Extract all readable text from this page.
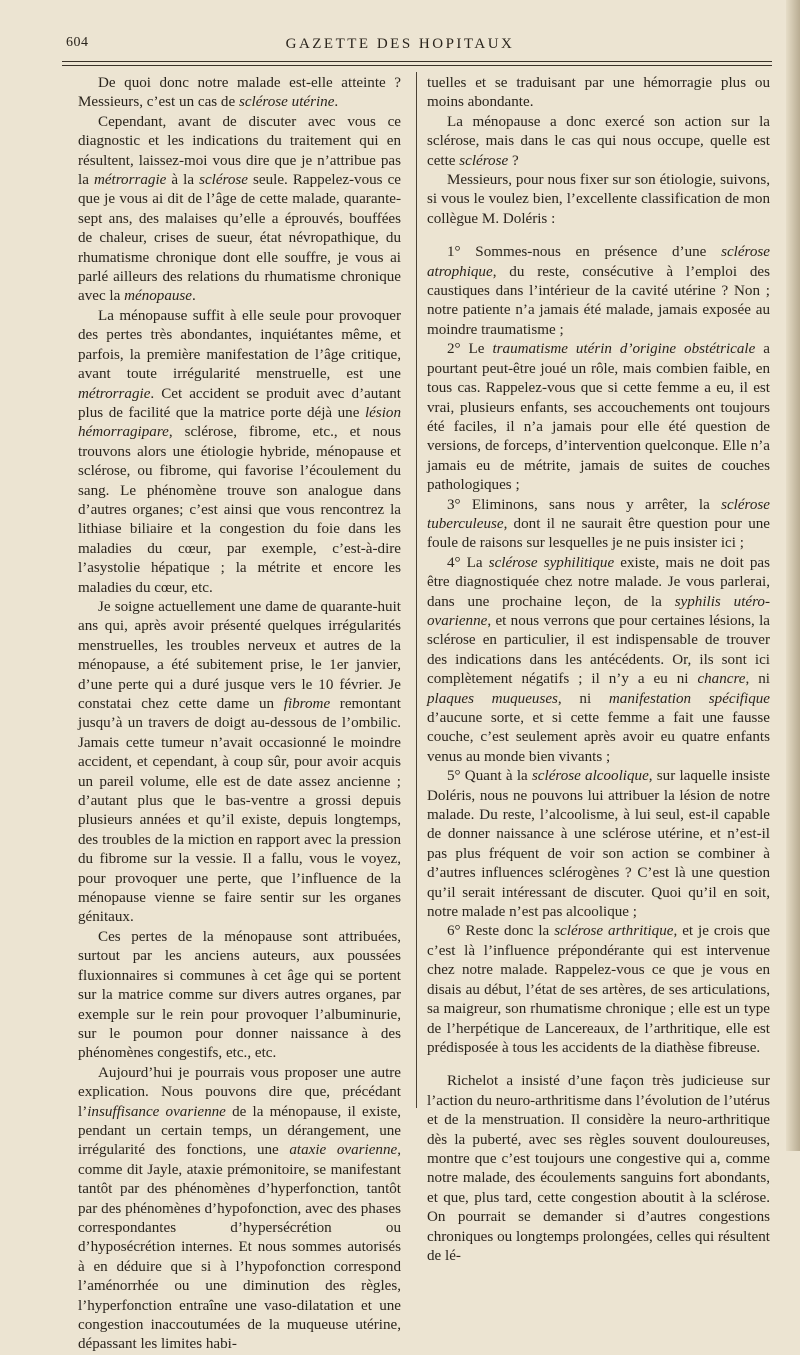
604	GAZETTE DES HOPITAUX

De quoi donc notre malade est-elle atteinte ? Messieurs, c’est un cas de sclérose utérine.

Cependant, avant de discuter avec vous ce diagnostic et les indications du traitement qui en résultent, laissez-moi vous dire que je n’attribue pas la métrorragie à la sclérose seule. Rappelez-vous ce que je vous ai dit de l’âge de cette malade, quarante-sept ans, des malaises qu’elle a éprouvés, bouffées de chaleur, crises de sueur, état névropathique, du rhumatisme chronique dont elle souffre, je vous ai parlé ailleurs des relations du rhumatisme chronique avec la ménopause.

La ménopause suffit à elle seule pour provoquer des pertes très abondantes, inquiétantes même, et parfois, la première manifestation de l’âge critique, avant toute irrégularité menstruelle, est une métrorragie. Cet accident se produit avec d’autant plus de facilité que la matrice porte déjà une lésion hémorragipare, sclérose, fibrome, etc., et nous trouvons alors une étiologie hybride, ménopause et sclérose, ou fibrome, qui favorise l’écoulement du sang. Le phénomène trouve son analogue dans d’autres organes; c’est ainsi que vous rencontrez la lithiase biliaire et la congestion du foie dans les maladies du cœur, par exemple, c’est-à-dire l’asystolie hépatique ; la métrite et encore les maladies du cœur, etc.

Je soigne actuellement une dame de quarante-huit ans qui, après avoir présenté quelques irrégularités menstruelles, les troubles nerveux et autres de la ménopause, a été subitement prise, le 1er janvier, d’une perte qui a duré jusque vers le 10 février. Je constatai chez cette dame un fibrome remontant jusqu’à un travers de doigt au-dessous de l’ombilic. Jamais cette tumeur n’avait occasionné le moindre accident, et cependant, à coup sûr, pour avoir acquis un pareil volume, elle est de date assez ancienne ; d’autant plus que le bas-ventre a grossi depuis plusieurs années et qu’il existe, depuis longtemps, des troubles de la miction en rapport avec la pression du fibrome sur la vessie. Il a fallu, vous le voyez, pour provoquer une perte, que l’influence de la ménopause vienne se faire sentir sur les organes génitaux.

Ces pertes de la ménopause sont attribuées, surtout par les anciens auteurs, aux poussées fluxionnaires si communes à cet âge qui se portent sur la matrice comme sur divers autres organes, par exemple sur le rein pour provoquer l’albuminurie, sur le poumon pour donner naissance à des phénomènes congestifs, etc., etc.

Aujourd’hui je pourrais vous proposer une autre explication. Nous pouvons dire que, précédant l’insuffisance ovarienne de la ménopause, il existe, pendant un certain temps, un dérangement, une irrégularité des fonctions, une ataxie ovarienne, comme dit Jayle, ataxie prémonitoire, se manifestant tantôt par des phénomènes d’hyperfonction, tantôt par des phénomènes d’hypofonction, avec des phases correspondantes d’hypersécrétion ou d’hyposécrétion internes. Et nous sommes autorisés à en déduire que si à l’hypofonction correspond l’aménorrhée ou une diminution des règles, l’hyperfonction entraîne une vaso-dilatation et une congestion inaccoutumées de la muqueuse utérine, dépassant les limites habi-

tuelles et se traduisant par une hémorragie plus ou moins abondante.

La ménopause a donc exercé son action sur la sclérose, mais dans le cas qui nous occupe, quelle est cette sclérose ?

Messieurs, pour nous fixer sur son étiologie, suivons, si vous le voulez bien, l’excellente classification de mon collègue M. Doléris :

1° Sommes-nous en présence d’une sclérose atrophique, du reste, consécutive à l’emploi des caustiques dans l’intérieur de la cavité utérine ? Non ; notre patiente n’a jamais été malade, jamais exposée au moindre traumatisme ;

2° Le traumatisme utérin d’origine obstétricale a pourtant peut-être joué un rôle, mais combien faible, en tous cas. Rappelez-vous que si cette femme a eu, il est vrai, plusieurs enfants, ses accouchements ont toujours été faciles, il n’a jamais pour elle été question de versions, de forceps, d’intervention quelconque. Elle n’a jamais eu de métrite, jamais de suites de couches pathologiques ;

3° Eliminons, sans nous y arrêter, la sclérose tuberculeuse, dont il ne saurait être question pour une foule de raisons sur lesquelles je ne puis insister ici ;

4° La sclérose syphilitique existe, mais ne doit pas être diagnostiquée chez notre malade. Je vous parlerai, dans une prochaine leçon, de la syphilis utéro-ovarienne, et nous verrons que pour certaines lésions, la sclérose en particulier, il est indispensable de trouver des indications dans les antécédents. Or, ils sont ici complètement négatifs ; il n’y a eu ni chancre, ni plaques muqueuses, ni manifestation spécifique d’aucune sorte, et si cette femme a fait une fausse couche, c’est seulement après avoir eu quatre enfants venus au monde bien vivants ;

5° Quant à la sclérose alcoolique, sur laquelle insiste Doléris, nous ne pouvons lui attribuer la lésion de notre malade. Du reste, l’alcoolisme, à lui seul, est-il capable de donner naissance à une sclérose utérine, et n’est-il pas plus fréquent de voir son action se combiner à d’autres influences sclérogènes ? C’est là une question qu’il serait intéressant de discuter. Quoi qu’il en soit, notre malade n’est pas alcoolique ;

6° Reste donc la sclérose arthritique, et je crois que c’est là l’influence prépondérante qui est intervenue chez notre malade. Rappelez-vous ce que je vous en disais au début, l’état de ses artères, de ses articulations, sa maigreur, son rhumatisme chronique ; elle est un type de l’herpétique de Lancereaux, de l’arthritique, elle est prédisposée à tous les accidents de la diathèse fibreuse.

Richelot a insisté d’une façon très judicieuse sur l’action du neuro-arthritisme dans l’évolution de l’utérus et de la menstruation. Il considère la neuro-arthritique dès la puberté, avec ses règles souvent douloureuses, montre que c’est toujours une congestive qui a, comme notre malade, des écoulements sanguins fort abondants, et que, plus tard, cette congestion aboutit à la sclérose. On pourrait se demander si d’autres congestions chroniques ou longtemps prolongées, celles qui résultent de lé-
